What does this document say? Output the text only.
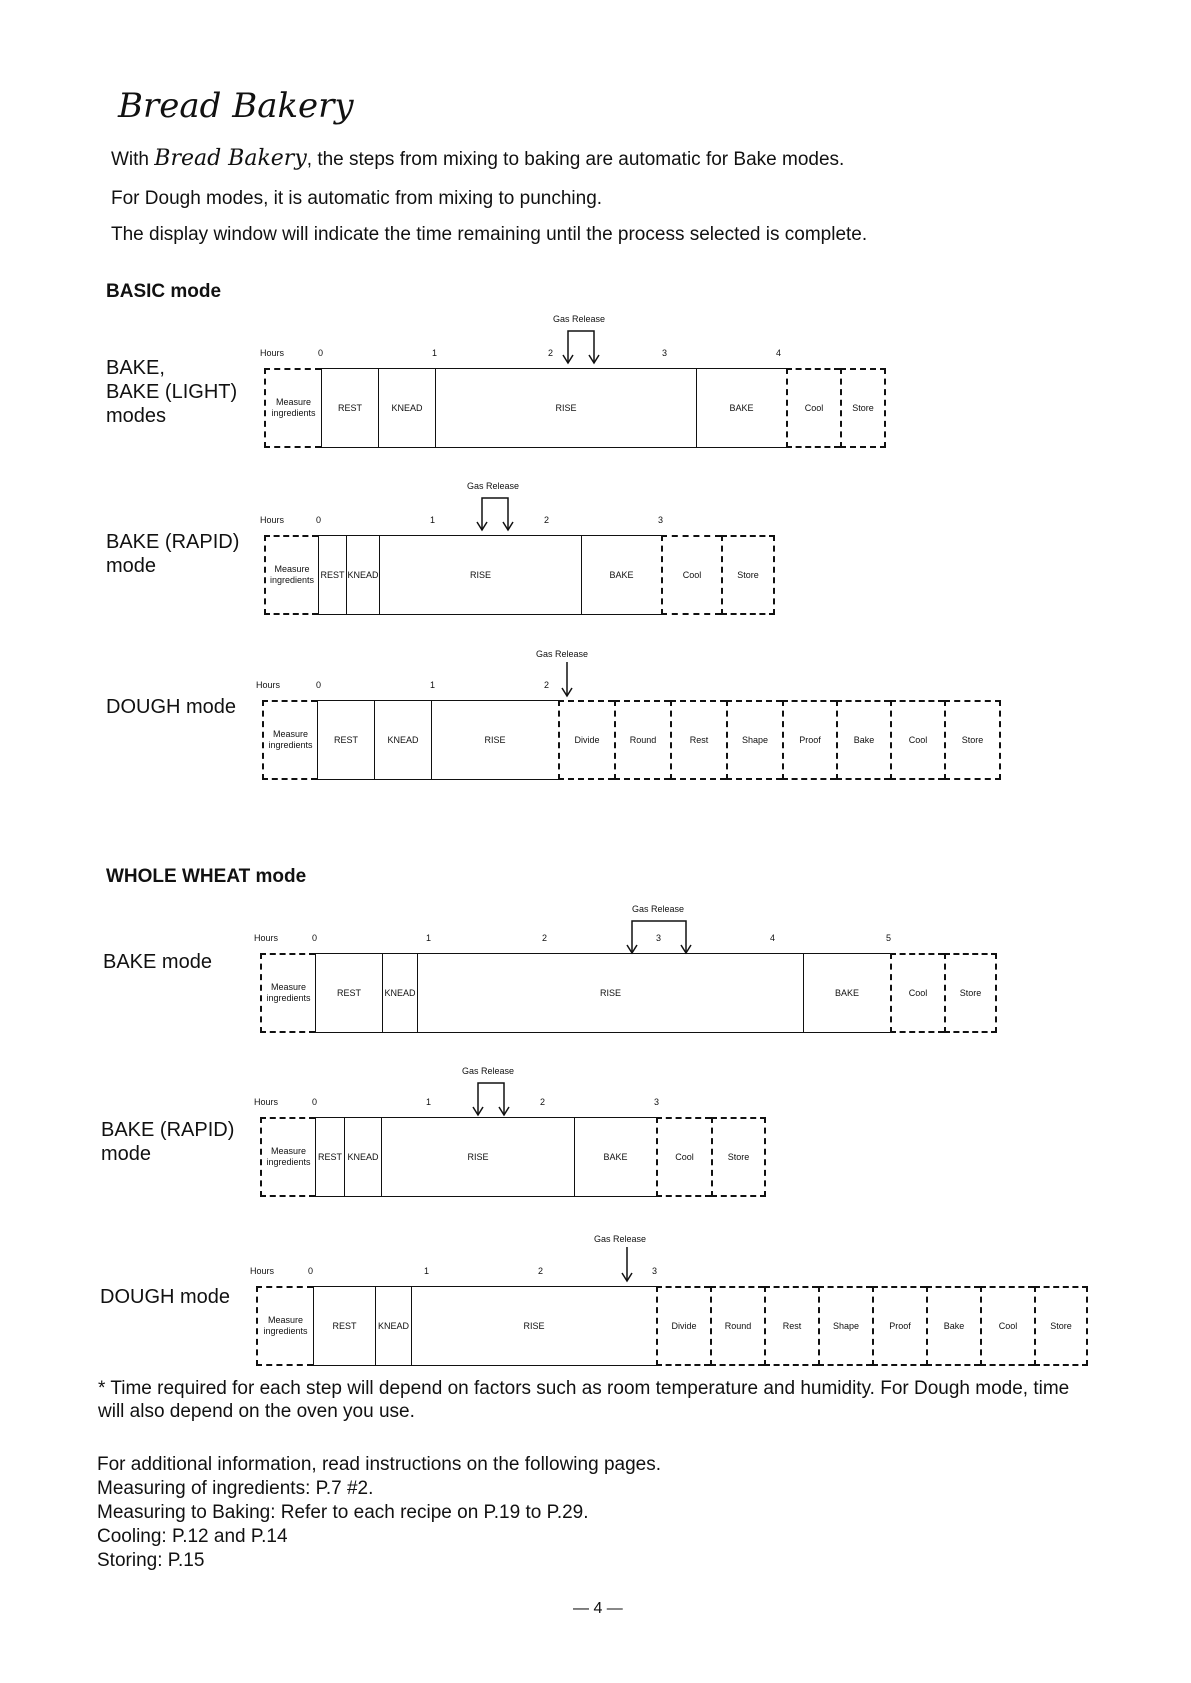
Bread Bakery
With Bread Bakery, the steps from mixing to baking are automatic for Bake modes.
For Dough modes, it is automatic from mixing to punching.
The display window will indicate the time remaining until the process selected is complete.
BASIC mode
BAKE,
BAKE (LIGHT)
modes
Gas Release
Hours	0	1	2	3	4
Measure
ingredients
REST	KNEAD	RISE	BAKE	Cool	Store
BAKE (RAPID)
mode
Gas Release
Hours	0	1	2	3
Measure
ingredients
REST KNEAD	RISE	BAKE	Cool	Store
DOUGH mode
Gas Release
Hours	0	1	2
Measure
ingredients
REST	KNEAD	RISE	Divide	Round	Rest	Shape	Proof	Bake	Cool	Store
WHOLE WHEAT mode
BAKE mode
Gas Release
Hours	0	1	2	3	4	5
Measure
ingredients
REST	KNEAD	RISE	BAKE	Cool	Store
BAKE (RAPID)
mode
Gas Release
Hours	0	1	2	3
Measure
ingredients
REST KNEAD	RISE	BAKE	Cool	Store
DOUGH mode
Gas Release
Hours	0	1	2	3
Measure
ingredients
REST	KNEAD	RISE	Divide	Round	Rest	Shape	Proof	Bake	Cool	Store
* Time required for each step will depend on factors such as room temperature and humidity. For Dough mode, time will also depend on the oven you use.
For additional information, read instructions on the following pages.
Measuring of ingredients: P.7 #2.
Measuring to Baking: Refer to each recipe on P.19 to P.29.
Cooling: P.12 and P.14
Storing: P.15
— 4 —
